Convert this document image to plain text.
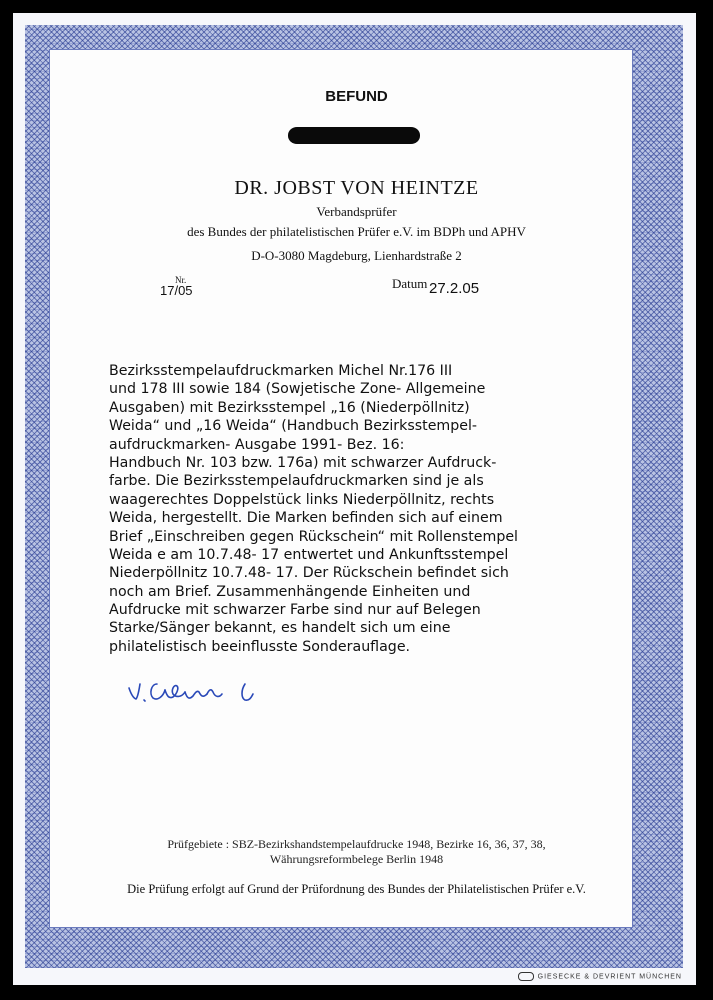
GIESECKE & DEVRIENT MÜNCHEN
BEFUND
DR. JOBST VON HEINTZE
Verbandsprüfer
des Bundes der philatelistischen Prüfer e.V. im BDPh und APHV
D-O-3080 Magdeburg, Lienhardstraße 2
Nr.
17/05	Datum 27.2.05
Bezirksstempelaufdruckmarken Michel Nr.176 III
und 178 III sowie 184 (Sowjetische Zone- Allgemeine
Ausgaben) mit Bezirksstempel „16 (Niederpöllnitz)
Weida“ und „16 Weida“ (Handbuch Bezirksstempel-
aufdruckmarken- Ausgabe 1991- Bez. 16:
Handbuch Nr. 103 bzw. 176a) mit schwarzer Aufdruck-
farbe. Die Bezirksstempelaufdruckmarken sind je als
waagerechtes Doppelstück links Niederpöllnitz, rechts
Weida, hergestellt. Die Marken befinden sich auf einem
Brief „Einschreiben gegen Rückschein“ mit Rollenstempel
Weida e am 10.7.48- 17 entwertet und Ankunftsstempel
Niederpöllnitz 10.7.48- 17. Der Rückschein befindet sich
noch am Brief. Zusammenhängende Einheiten und
Aufdrucke mit schwarzer Farbe sind nur auf Belegen
Starke/Sänger bekannt, es handelt sich um eine
philatelistisch beeinflusste Sonderauflage.
Prüfgebiete : SBZ-Bezirkshandstempelaufdrucke 1948, Bezirke 16, 36, 37, 38,
Währungsreformbelege Berlin 1948
Die Prüfung erfolgt auf Grund der Prüfordnung des Bundes der Philatelistischen Prüfer e.V.
